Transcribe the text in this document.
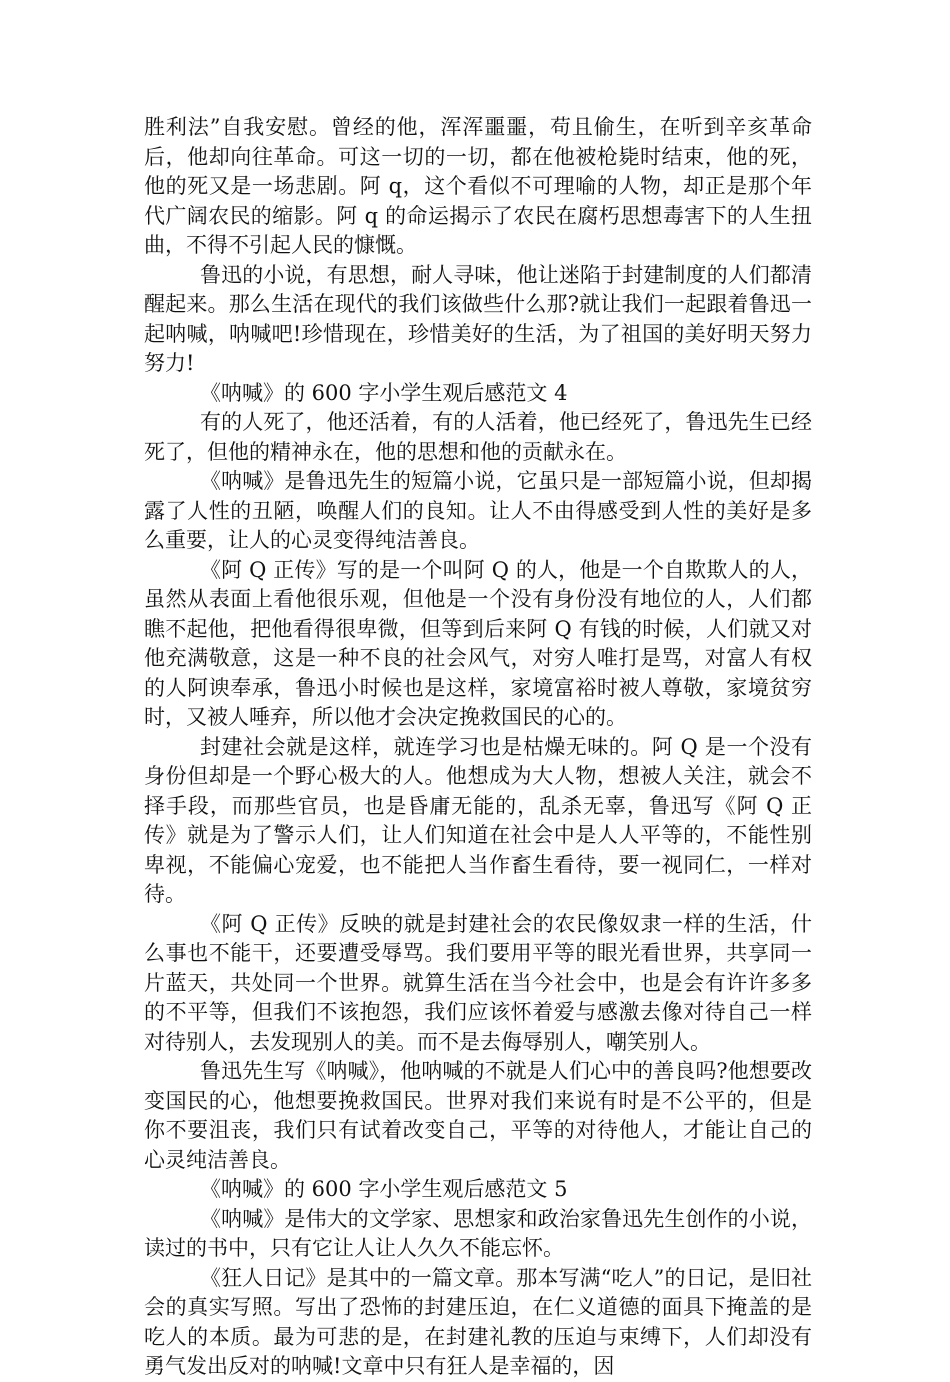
胜利法”自我安慰。曾经的他，浑浑噩噩，苟且偷生，在听到辛亥革命后，他却向往革命。可这一切的一切，都在他被枪毙时结束，他的死，他的死又是一场悲剧。阿 q，这个看似不可理喻的人物，却正是那个年代广阔农民的缩影。阿 q 的命运揭示了农民在腐朽思想毒害下的人生扭曲，不得不引起人民的慷慨。

鲁迅的小说，有思想，耐人寻味，他让迷陷于封建制度的人们都清醒起来。那么生活在现代的我们该做些什么那?就让我们一起跟着鲁迅一起呐喊，呐喊吧!珍惜现在，珍惜美好的生活，为了祖国的美好明天努力努力!

《呐喊》的 600 字小学生观后感范文 4

有的人死了，他还活着，有的人活着，他已经死了，鲁迅先生已经死了，但他的精神永在，他的思想和他的贡献永在。

《呐喊》是鲁迅先生的短篇小说，它虽只是一部短篇小说，但却揭露了人性的丑陋，唤醒人们的良知。让人不由得感受到人性的美好是多么重要，让人的心灵变得纯洁善良。

《阿 Q 正传》写的是一个叫阿 Q 的人，他是一个自欺欺人的人，虽然从表面上看他很乐观，但他是一个没有身份没有地位的人，人们都瞧不起他，把他看得很卑微，但等到后来阿 Q 有钱的时候，人们就又对他充满敬意，这是一种不良的社会风气，对穷人唯打是骂，对富人有权的人阿谀奉承，鲁迅小时候也是这样，家境富裕时被人尊敬，家境贫穷时，又被人唾弃，所以他才会决定挽救国民的心的。

封建社会就是这样，就连学习也是枯燥无味的。阿 Q 是一个没有身份但却是一个野心极大的人。他想成为大人物，想被人关注，就会不择手段，而那些官员，也是昏庸无能的，乱杀无辜，鲁迅写《阿 Q 正传》就是为了警示人们，让人们知道在社会中是人人平等的，不能性别卑视，不能偏心宠爱，也不能把人当作畜生看待，要一视同仁，一样对待。

《阿 Q 正传》反映的就是封建社会的农民像奴隶一样的生活，什么事也不能干，还要遭受辱骂。我们要用平等的眼光看世界，共享同一片蓝天，共处同一个世界。就算生活在当今社会中，也是会有许许多多的不平等，但我们不该抱怨，我们应该怀着爱与感激去像对待自己一样对待别人，去发现别人的美。而不是去侮辱别人，嘲笑别人。

鲁迅先生写《呐喊》，他呐喊的不就是人们心中的善良吗?他想要改变国民的心，他想要挽救国民。世界对我们来说有时是不公平的，但是你不要沮丧，我们只有试着改变自己，平等的对待他人，才能让自己的心灵纯洁善良。

《呐喊》的 600 字小学生观后感范文 5

《呐喊》是伟大的文学家、思想家和政治家鲁迅先生创作的小说，读过的书中，只有它让人让人久久不能忘怀。

《狂人日记》是其中的一篇文章。那本写满“吃人”的日记，是旧社会的真实写照。写出了恐怖的封建压迫，在仁义道德的面具下掩盖的是吃人的本质。最为可悲的是，在封建礼教的压迫与束缚下，人们却没有勇气发出反对的呐喊!文章中只有狂人是幸福的，因
